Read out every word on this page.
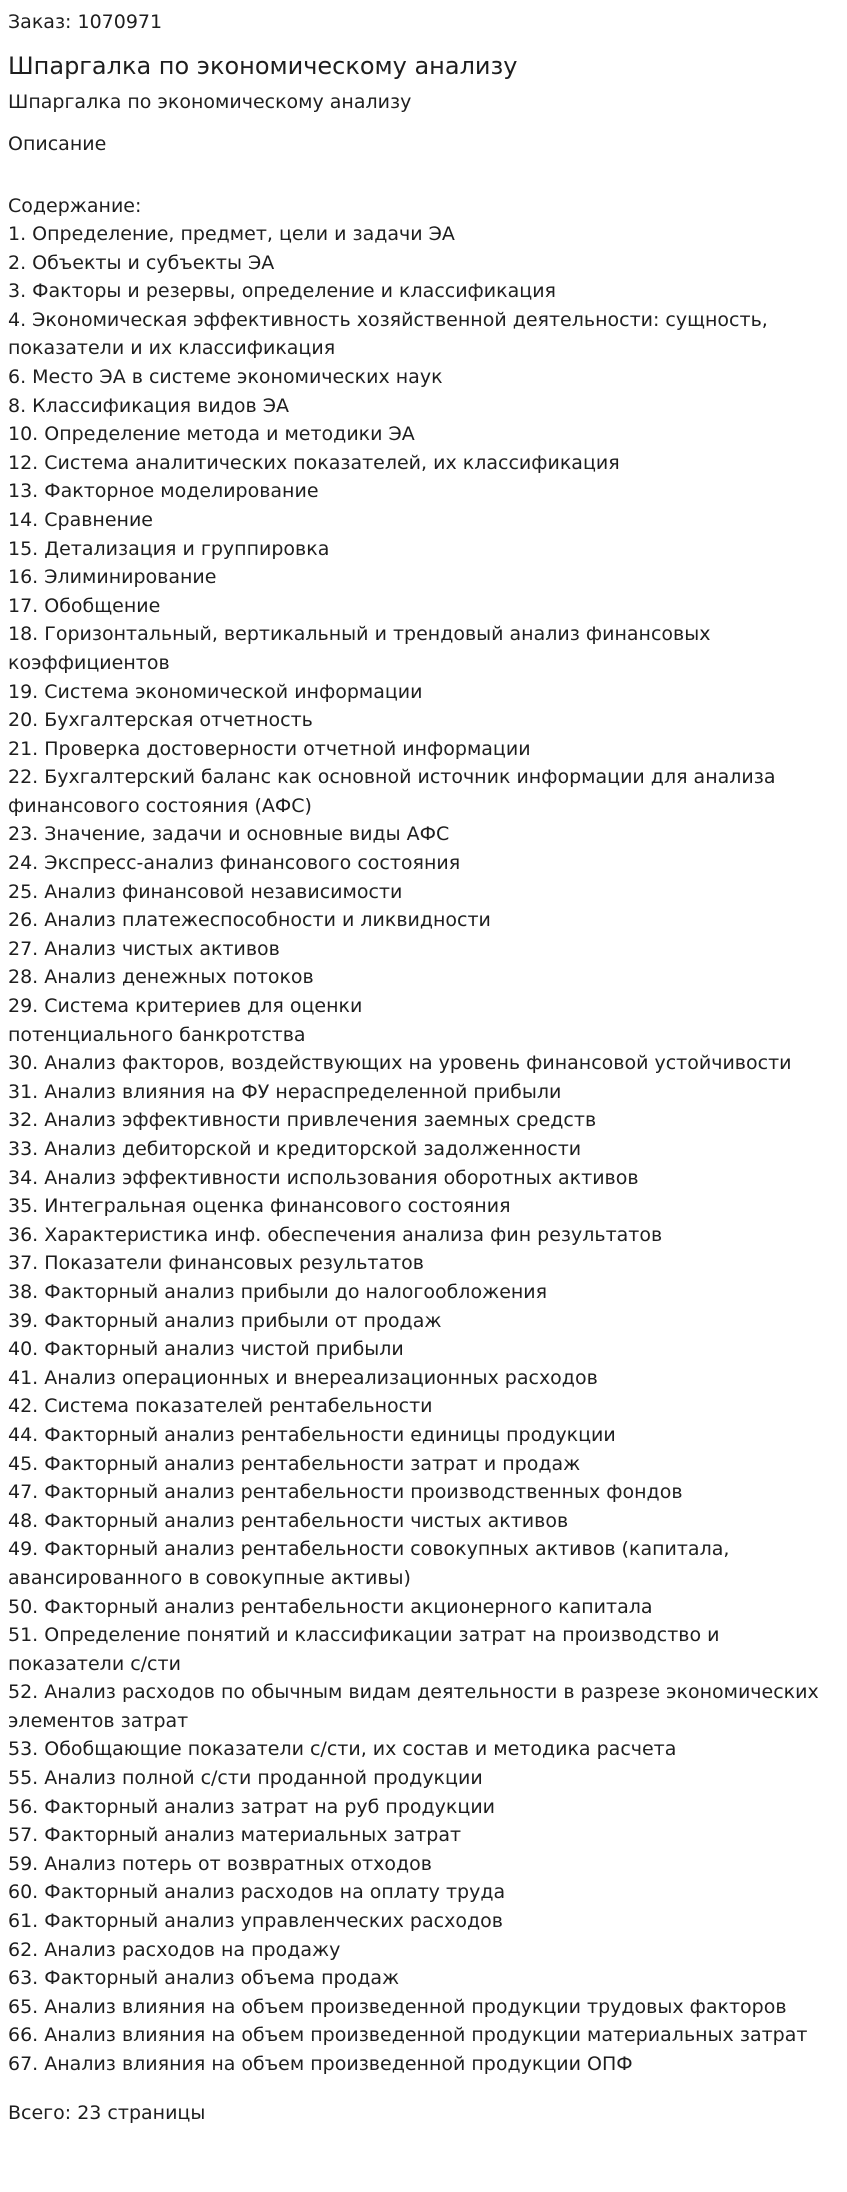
Заказ: 1070971
Шпаргалка по экономическому анализу
Шпаргалка по экономическому анализу
Описание
Содержание:
1. Определение, предмет, цели и задачи ЭА
2. Объекты и субъекты ЭА
3. Факторы и резервы, определение и классификация
4. Экономическая эффективность хозяйственной деятельности: сущность,
показатели и их классификация
6. Место ЭА в системе экономических наук
8. Классификация видов ЭА
10. Определение метода и методики ЭА
12. Система аналитических показателей, их классификация
13. Факторное моделирование
14. Сравнение
15. Детализация и группировка
16. Элиминирование
17. Обобщение
18. Горизонтальный, вертикальный и трендовый анализ финансовых
коэффициентов
19. Система экономической информации
20. Бухгалтерская отчетность
21. Проверка достоверности отчетной информации
22. Бухгалтерский баланс как основной источник информации для анализа
финансового состояния (АФС)
23. Значение, задачи и основные виды АФС
24. Экспресс-анализ финансового состояния
25. Анализ финансовой независимости
26. Анализ платежеспособности и ликвидности
27. Анализ чистых активов
28. Анализ денежных потоков
29. Система критериев для оценки
потенциального банкротства
30. Анализ факторов, воздействующих на уровень финансовой устойчивости
31. Анализ влияния на ФУ нераспределенной прибыли
32. Анализ эффективности привлечения заемных средств
33. Анализ дебиторской и кредиторской задолженности
34. Анализ эффективности использования оборотных активов
35. Интегральная оценка финансового состояния
36. Характеристика инф. обеспечения анализа фин результатов
37. Показатели финансовых результатов
38. Факторный анализ прибыли до налогообложения
39. Факторный анализ прибыли от продаж
40. Факторный анализ чистой прибыли
41. Анализ операционных и внереализационных расходов
42. Система показателей рентабельности
44. Факторный анализ рентабельности единицы продукции
45. Факторный анализ рентабельности затрат и продаж
47. Факторный анализ рентабельности производственных фондов
48. Факторный анализ рентабельности чистых активов
49. Факторный анализ рентабельности совокупных активов (капитала,
авансированного в совокупные активы)
50. Факторный анализ рентабельности акционерного капитала
51. Определение понятий и классификации затрат на производство и
показатели с/сти
52. Анализ расходов по обычным видам деятельности в разрезе экономических
элементов затрат
53. Обобщающие показатели с/сти, их состав и методика расчета
55. Анализ полной с/сти проданной продукции
56. Факторный анализ затрат на руб продукции
57. Факторный анализ материальных затрат
59. Анализ потерь от возвратных отходов
60. Факторный анализ расходов на оплату труда
61. Факторный анализ управленческих расходов
62. Анализ расходов на продажу
63. Факторный анализ объема продаж
65. Анализ влияния на объем произведенной продукции трудовых факторов
66. Анализ влияния на объем произведенной продукции материальных затрат
67. Анализ влияния на объем произведенной продукции ОПФ
Всего: 23 страницы
